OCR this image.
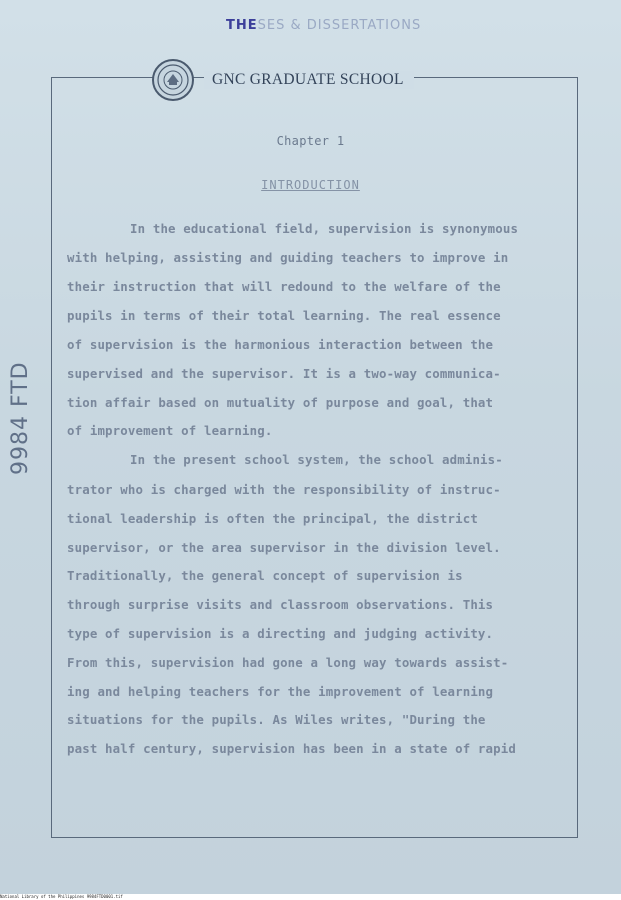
THESES & DISSERTATIONS
GNC GRADUATE SCHOOL
Chapter 1
INTRODUCTION
In the educational field, supervision is synonymous
with helping, assisting and guiding teachers to improve in
their instruction that will redound to the welfare of the
pupils in terms of their total learning. The real essence
of supervision is the harmonious interaction between the
supervised and the supervisor. It is a two-way communica-
tion affair based on mutuality of purpose and goal, that
of improvement of learning.
In the present school system, the school adminis-
trator who is charged with the responsibility of instruc-
tional leadership is often the principal, the district
supervisor, or the area supervisor in the division level.
Traditionally, the general concept of supervision is
through surprise visits and classroom observations. This
type of supervision is a directing and judging activity.
From this, supervision had gone a long way towards assist-
ing and helping teachers for the improvement of learning
situations for the pupils. As Wiles writes, "During the
past half century, supervision has been in a state of rapid
9984 FTD
National Library of the Philippines 9984FTD0001.tif
